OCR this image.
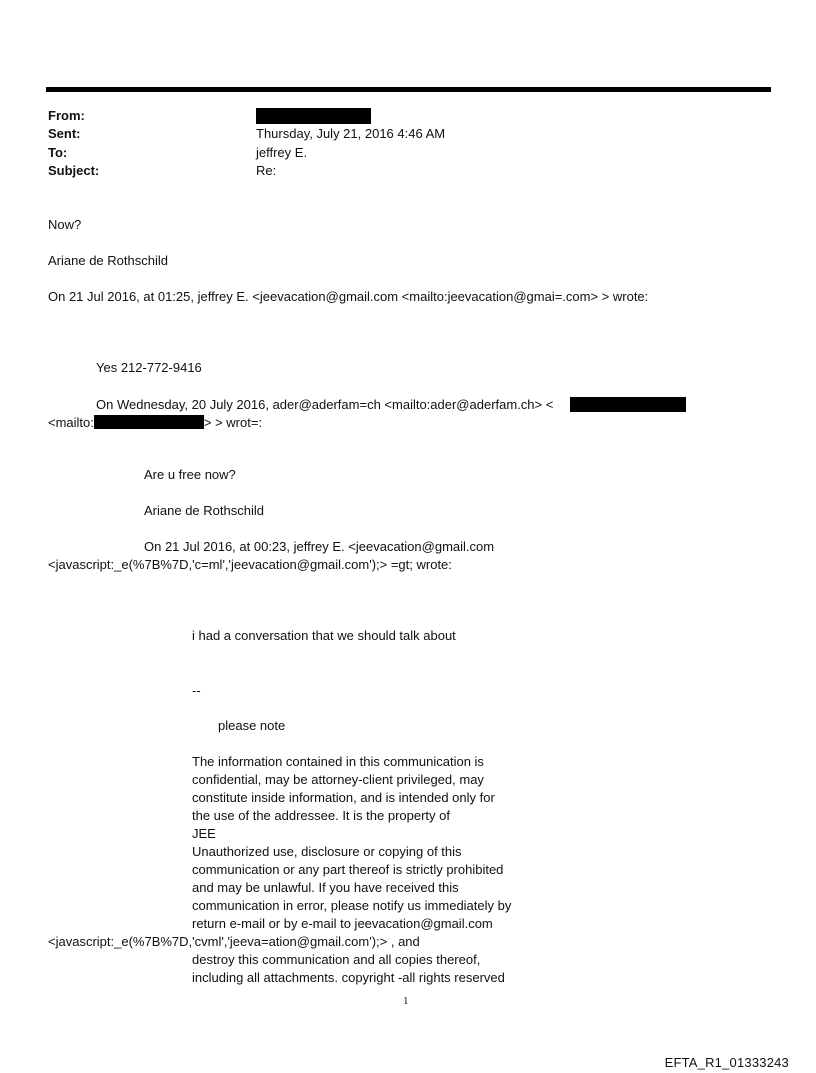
From:
Sent:	Thursday, July 21, 2016 4:46 AM
To:	jeffrey E.
Subject:	Re:
Now?
Ariane de Rothschild
On 21 Jul 2016, at 01:25, jeffrey E. <jeevacation@gmail.com <mailto:jeevacation@gmai=.com> > wrote:
Yes 212-772-9416
On Wednesday, 20 July 2016, ader@aderfam=ch <mailto:ader@aderfam.ch> <
<mailto:	> > wrot=:
Are u free now?
Ariane de Rothschild
On 21 Jul 2016, at 00:23, jeffrey E. <jeevacation@gmail.com
<javascript:_e(%7B%7D,'c=ml','jeevacation@gmail.com');> =gt; wrote:
i had a conversation that we should talk about
--
please note
The information contained in this communication is
confidential, may be attorney-client privileged, may
constitute inside information, and is intended only for
the use of the addressee. It is the property of
JEE
Unauthorized use, disclosure or copying of this
communication or any part thereof is strictly prohibited
and may be unlawful. If you have received this
communication in error, please notify us immediately by
return e-mail or by e-mail to jeevacation@gmail.com
<javascript:_e(%7B%7D,'cvml','jeeva=ation@gmail.com');> , and
destroy this communication and all copies thereof,
including all attachments. copyright -all rights reserved
1
EFTA_R1_01333243
